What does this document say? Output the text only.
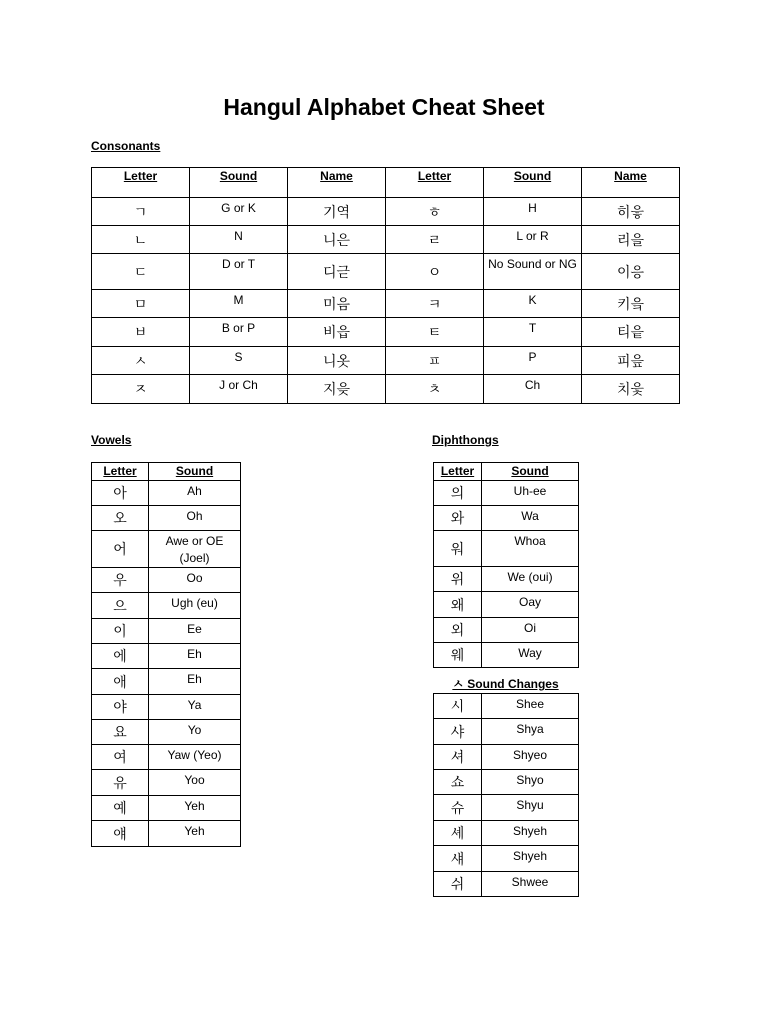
Hangul Alphabet Cheat Sheet
Consonants
Letter	Sound	Name	Letter	Sound	Name
ㄱ	G or K	기역	ㅎ	H	히읗
ㄴ	N	니은	ㄹ	L or R	리을
ㄷ	D or T	디귿	ㅇ	No Sound or NG	이응
ㅁ	M	미음	ㅋ	K	키읔
ㅂ	B or P	비읍	ㅌ	T	티읕
ㅅ	S	니옷	ㅍ	P	피읖
ㅈ	J or Ch	지읒	ㅊ	Ch	치읓
Vowels
Letter	Sound
아	Ah
오	Oh
어	Awe or OE (Joel)
우	Oo
으	Ugh (eu)
이	Ee
에	Eh
애	Eh
야	Ya
요	Yo
여	Yaw (Yeo)
유	Yoo
예	Yeh
얘	Yeh
Diphthongs
Letter	Sound
의	Uh-ee
와	Wa
워	Whoa
위	We (oui)
왜	Oay
외	Oi
웨	Way
ㅅ Sound Changes
시	Shee
샤	Shya
셔	Shyeo
쇼	Shyo
슈	Shyu
셰	Shyeh
섀	Shyeh
쉬	Shwee
